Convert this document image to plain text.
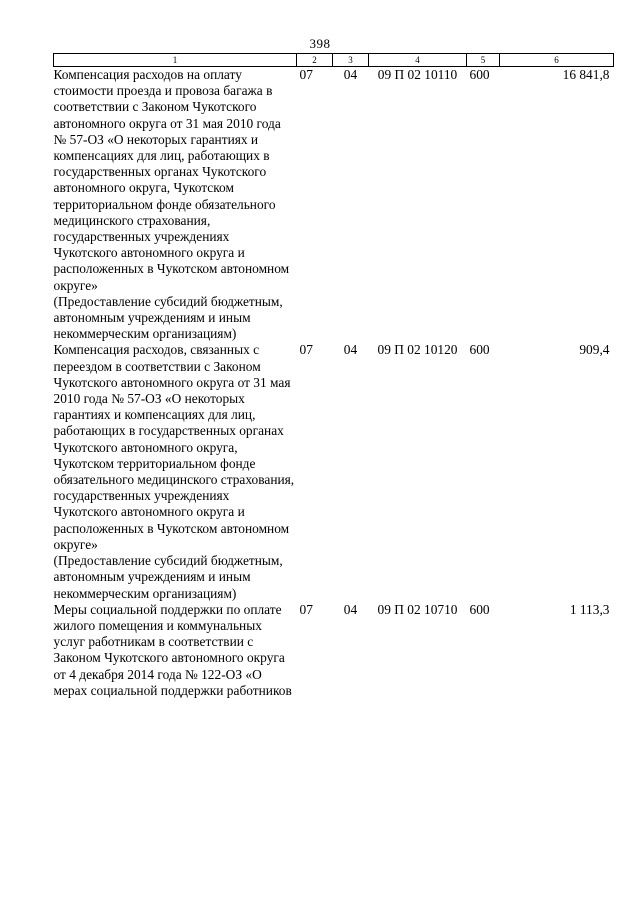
398
1	2	3	4	5	6

Компенсация расходов на оплату стоимости проезда и провоза багажа в соответствии с Законом Чукотского автономного округа от 31 мая 2010 года № 57-ОЗ «О некоторых гарантиях и компенсациях для лиц, работающих в государственных органах Чукотского автономного округа, Чукотском территориальном фонде обязательного медицинского страхования, государственных учреждениях Чукотского автономного округа и расположенных в Чукотском автономном округе»
(Предоставление субсидий бюджетным, автономным учреждениям и иным некоммерческим организациям)	07	04	09 П 02 10110	600	16 841,8

Компенсация расходов, связанных с переездом в соответствии с Законом Чукотского автономного округа от 31 мая 2010 года № 57-ОЗ «О некоторых гарантиях и компенсациях для лиц, работающих в государственных органах Чукотского автономного округа, Чукотском территориальном фонде обязательного медицинского страхования, государственных учреждениях Чукотского автономного округа и расположенных в Чукотском автономном округе»
(Предоставление субсидий бюджетным, автономным учреждениям и иным некоммерческим организациям)	07	04	09 П 02 10120	600	909,4

Меры социальной поддержки по оплате жилого помещения и коммунальных услуг работникам в соответствии с Законом Чукотского автономного округа от 4 декабря 2014 года № 122-ОЗ «О мерах социальной поддержки работников	07	04	09 П 02 10710	600	1 113,3
